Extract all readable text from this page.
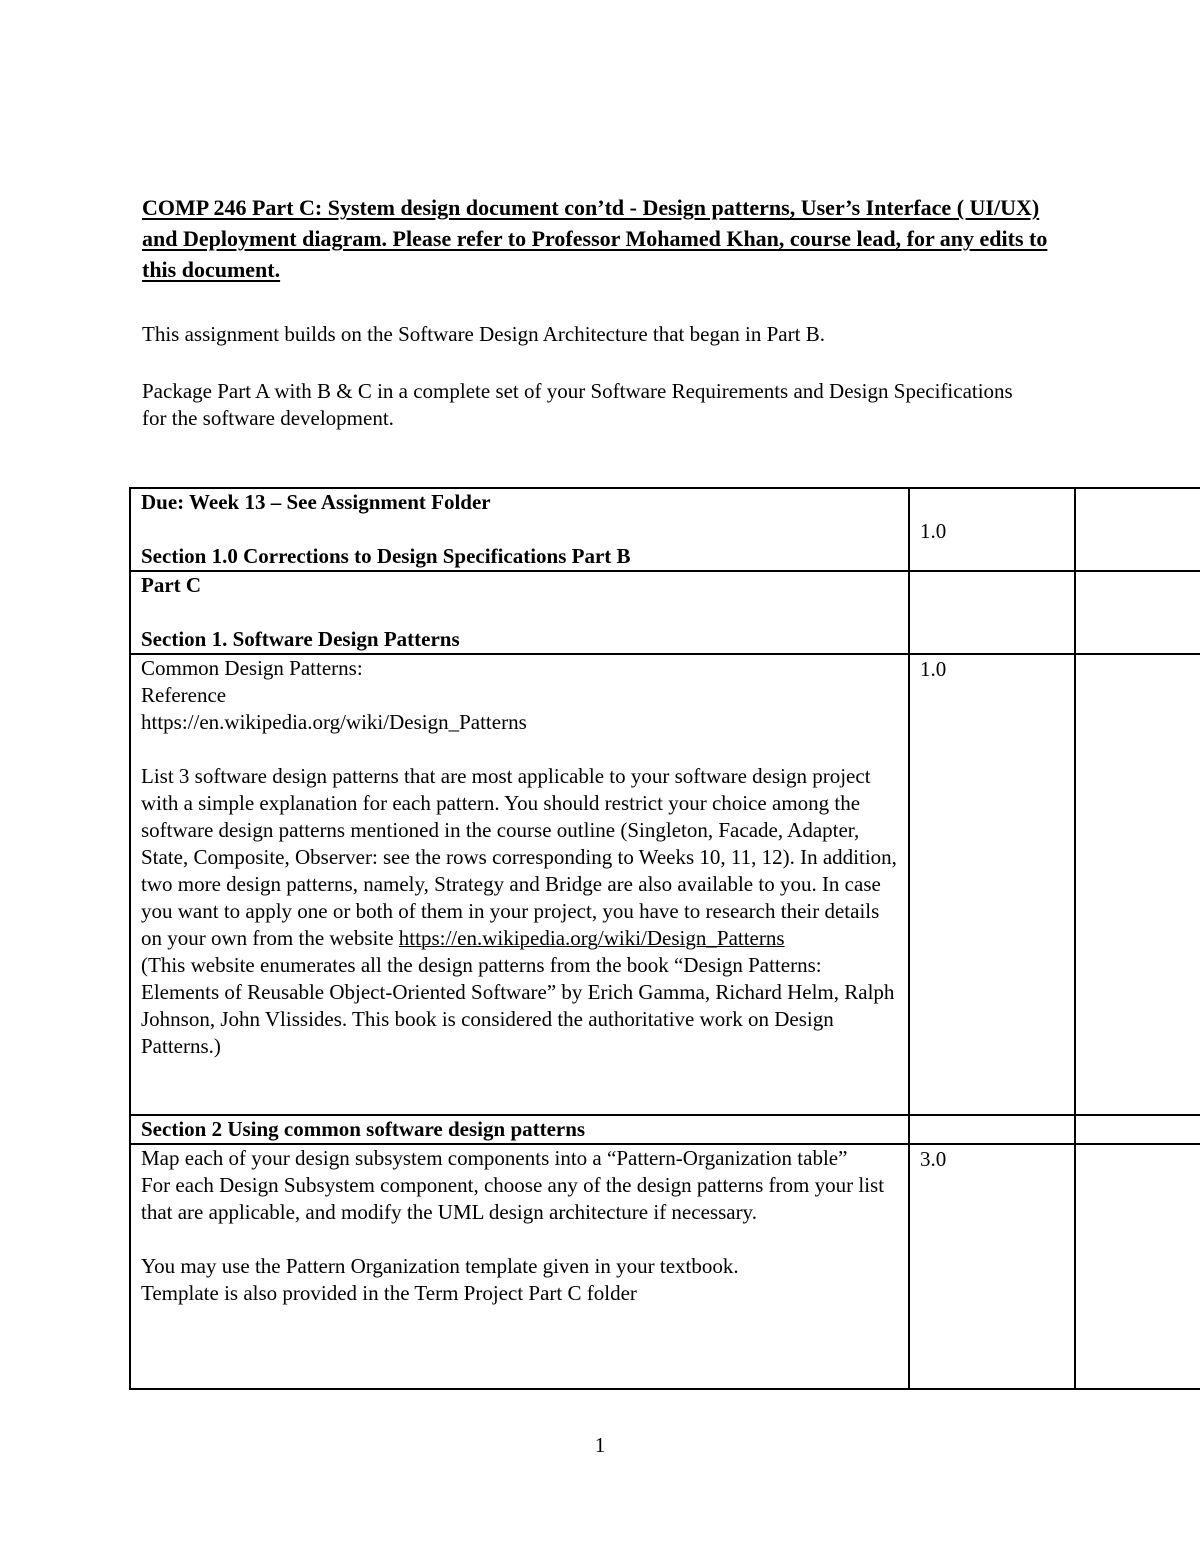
COMP 246 Part C: System design document con’td - Design patterns, User’s Interface ( UI/UX) and Deployment diagram. Please refer to Professor Mohamed Khan, course lead, for any edits to this document.

This assignment builds on the Software Design Architecture that began in Part B.

Package Part A with B & C in a complete set of your Software Requirements and Design Specifications for the software development.

Due: Week 13 – See Assignment Folder
Section 1.0 Corrections to Design Specifications Part B	1.0	
Part C
Section 1. Software Design Patterns		

Common Design Patterns:
Reference
https://en.wikipedia.org/wiki/Design_Patterns
List 3 software design patterns that are most applicable to your software design project with a simple explanation for each pattern. You should restrict your choice among the software design patterns mentioned in the course outline (Singleton, Facade, Adapter, State, Composite, Observer: see the rows corresponding to Weeks 10, 11, 12). In addition, two more design patterns, namely, Strategy and Bridge are also available to you. In case you want to apply one or both of them in your project, you have to research their details on your own from the website https://en.wikipedia.org/wiki/Design_Patterns
(This website enumerates all the design patterns from the book “Design Patterns: Elements of Reusable Object-Oriented Software” by Erich Gamma, Richard Helm, Ralph Johnson, John Vlissides. This book is considered the authoritative work on Design Patterns.)	1.0	
Section 2 Using common software design patterns		

Map each of your design subsystem components into a “Pattern-Organization table”
For each Design Subsystem component, choose any of the design patterns from your list that are applicable, and modify the UML design architecture if necessary.
You may use the Pattern Organization template given in your textbook.
Template is also provided in the Term Project Part C folder	3.0	
1
